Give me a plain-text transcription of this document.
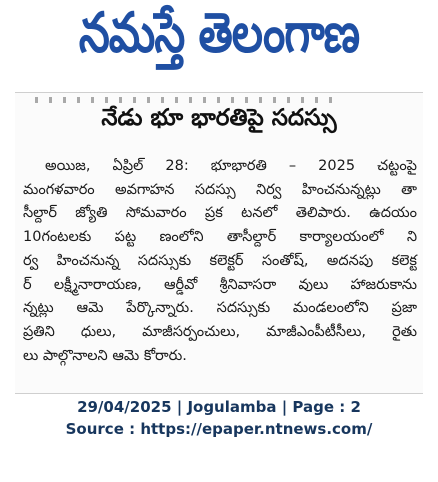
నమస్తే తెలంగాణ
నేడు భూ భారతిపై సదస్సు
అయిజ, ఏప్రిల్ 28: భూభారతి – 2025 చట్టంపై
మంగళవారం అవగాహన సదస్సు నిర్వ హించనున్నట్లు తా
సీల్దార్ జ్యోతి సోమవారం ప్రక టనలో తెలిపారు. ఉదయం
10గంటలకు పట్ట ణంలోని తాసీల్దార్ కార్యాలయంలో ని
ర్వ హించనున్న సదస్సుకు కలెక్టర్ సంతోష్, అదనపు కలెక్ట
ర్ లక్ష్మీనారాయణ, ఆర్డీవో శ్రీనివాసరా వులు హాజరుకాను
న్నట్లు ఆమె పేర్కొన్నారు. సదస్సుకు మండలంలోని ప్రజా
ప్రతిని ధులు, మాజీసర్పంచులు, మాజీఎంపీటీసీలు, రైతు
లు పాల్గొనాలని ఆమె కోరారు.
29/04/2025 | Jogulamba | Page : 2
Source : https://epaper.ntnews.com/
